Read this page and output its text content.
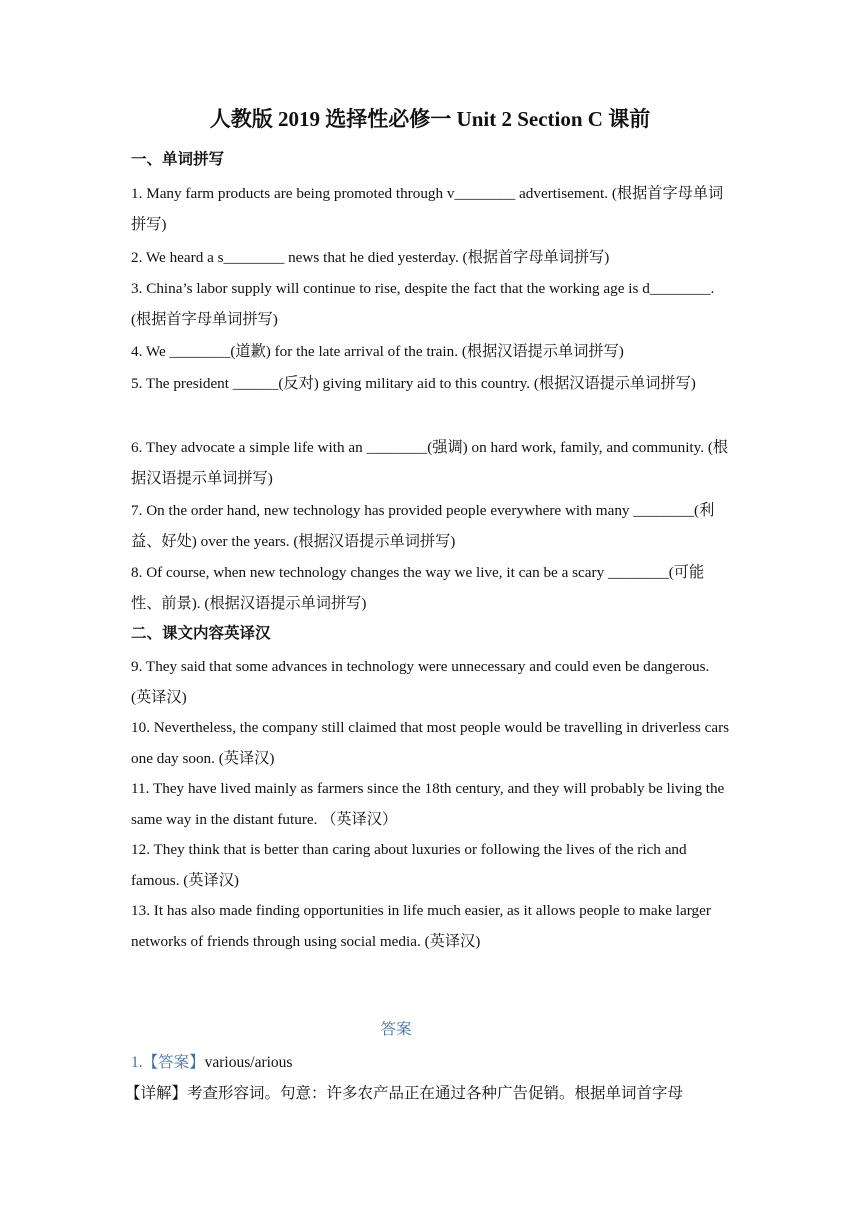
人教版 2019 选择性必修一 Unit 2 Section C 课前
一、单词拼写
1. Many farm products are being promoted through v________ advertisement. (根据首字母单词拼写)
2. We heard a s________ news that he died yesterday. (根据首字母单词拼写)
3. China’s labor supply will continue to rise, despite the fact that the working age is d________. (根据首字母单词拼写)
4. We ________(道歉) for the late arrival of the train. (根据汉语提示单词拼写)
5. The president ______(反对) giving military aid to this country. (根据汉语提示单词拼写)
6. They advocate a simple life with an ________(强调) on hard work, family, and community. (根据汉语提示单词拼写)
7. On the order hand, new technology has provided people everywhere with many ________(利益、好处) over the years. (根据汉语提示单词拼写)
8. Of course, when new technology changes the way we live, it can be a scary ________(可能性、前景). (根据汉语提示单词拼写)
二、课文内容英译汉
9. They said that some advances in technology were unnecessary and could even be dangerous. (英译汉)
10. Nevertheless, the company still claimed that most people would be travelling in driverless cars one day soon. (英译汉)
11. They have lived mainly as farmers since the 18th century, and they will probably be living the same way in the distant future. （英译汉）
12. They think that is better than caring about luxuries or following the lives of the rich and famous. (英译汉)
13. It has also made finding opportunities in life much easier, as it allows people to make larger networks of friends through using social media. (英译汉)
答案
1.【答案】various/arious
【详解】考查形容词。句意：许多农产品正在通过各种广告促销。根据单词首字母
